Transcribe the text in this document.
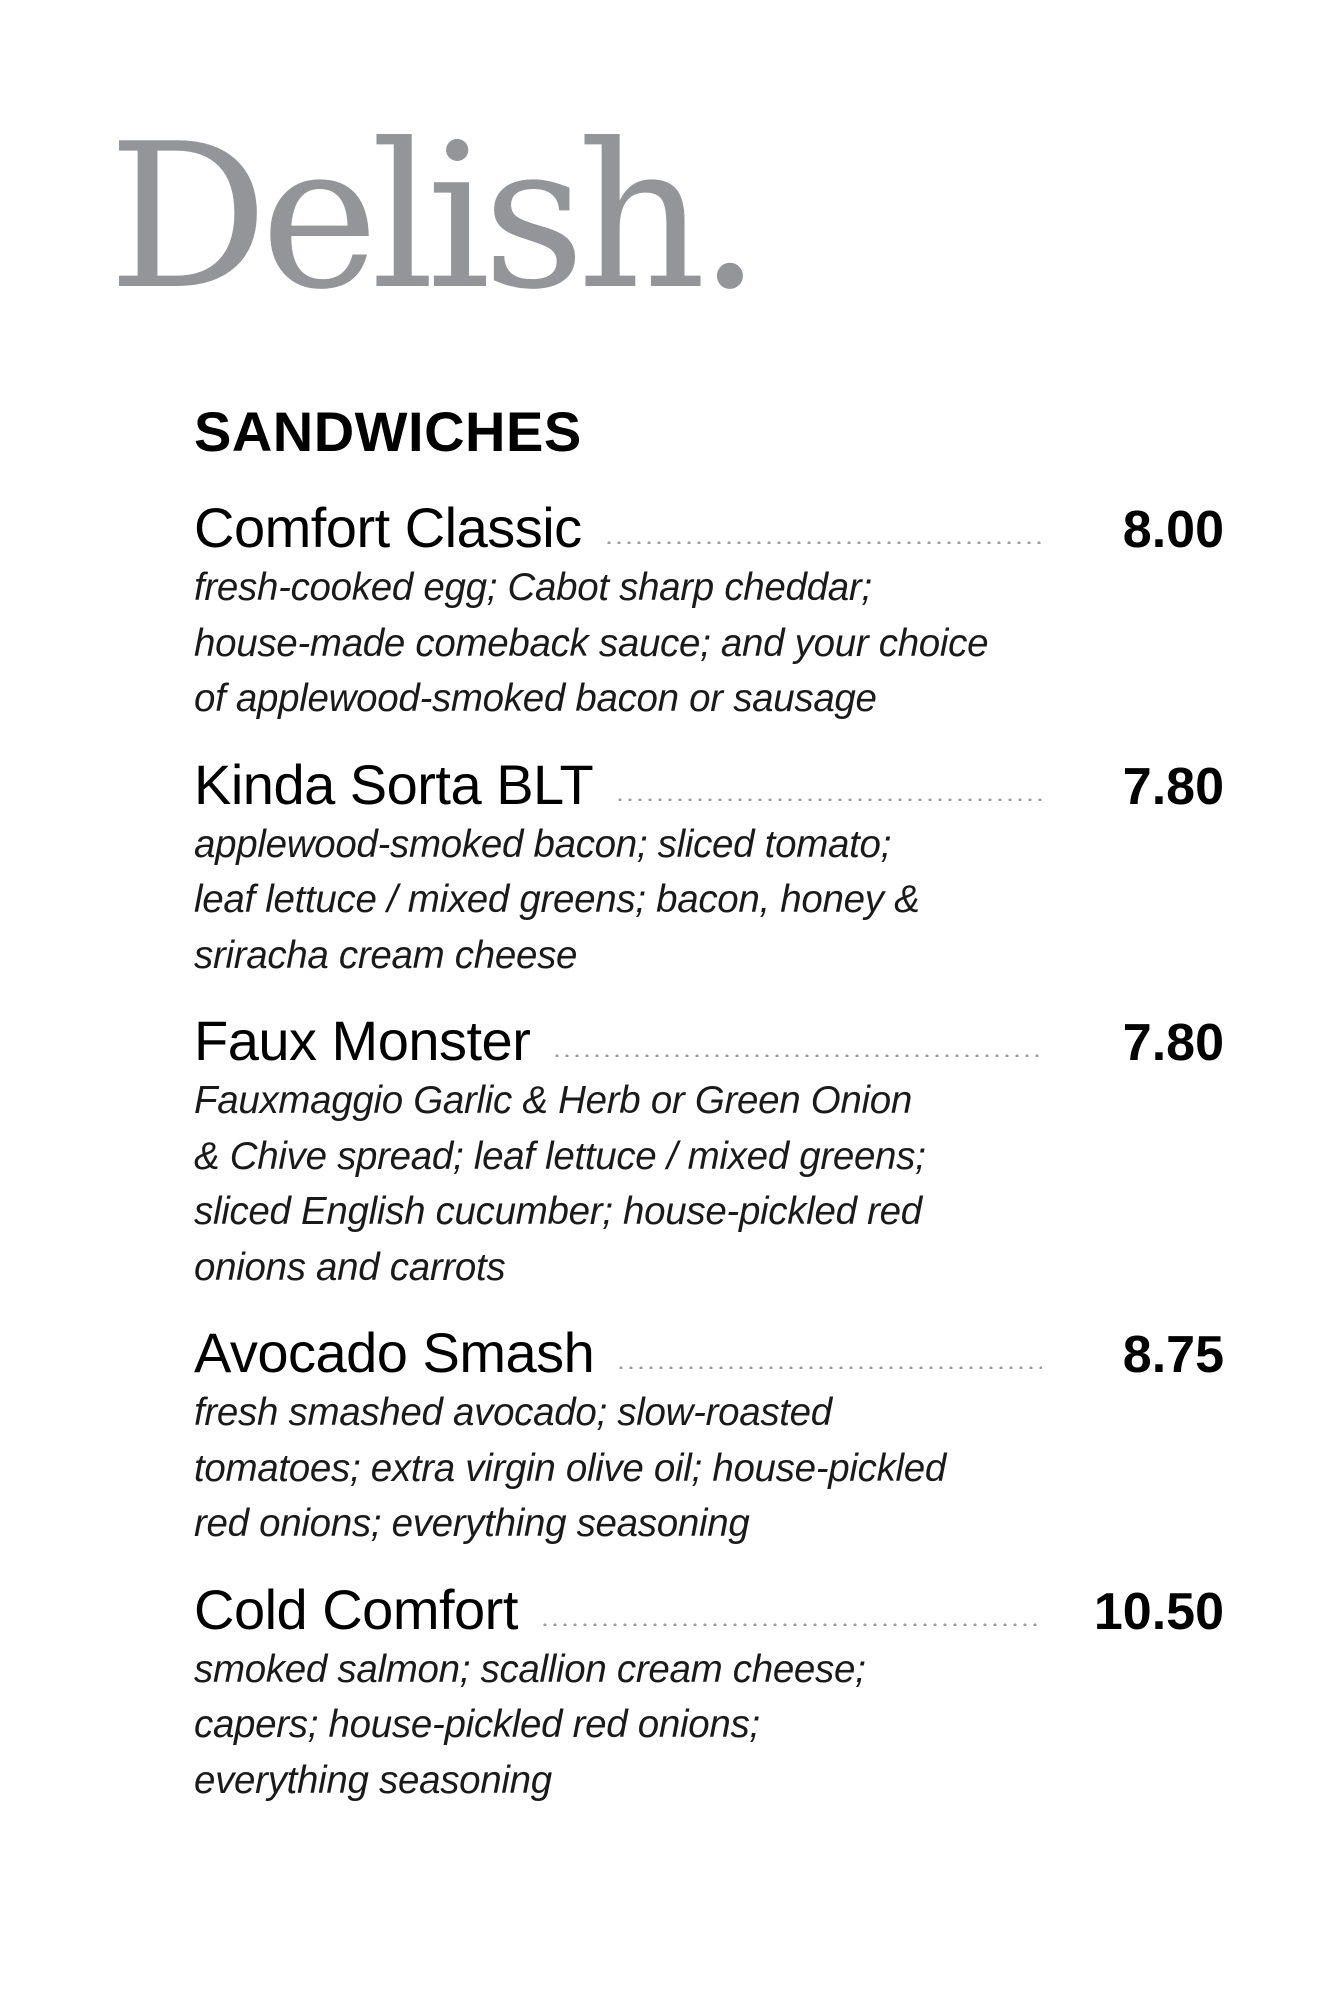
Delish.
SANDWICHES
Comfort Classic	8.00

fresh-cooked egg; Cabot sharp cheddar;
house-made comeback sauce; and your choice
of applewood-smoked bacon or sausage

Kinda Sorta BLT	7.80

applewood-smoked bacon; sliced tomato;
leaf lettuce / mixed greens; bacon, honey &
sriracha cream cheese

Faux Monster	7.80

Fauxmaggio Garlic & Herb or Green Onion
& Chive spread; leaf lettuce / mixed greens;
sliced English cucumber; house-pickled red
onions and carrots

Avocado Smash	8.75

fresh smashed avocado; slow-roasted
tomatoes; extra virgin olive oil; house-pickled
red onions; everything seasoning

Cold Comfort	10.50

smoked salmon; scallion cream cheese;
capers; house-pickled red onions;
everything seasoning
